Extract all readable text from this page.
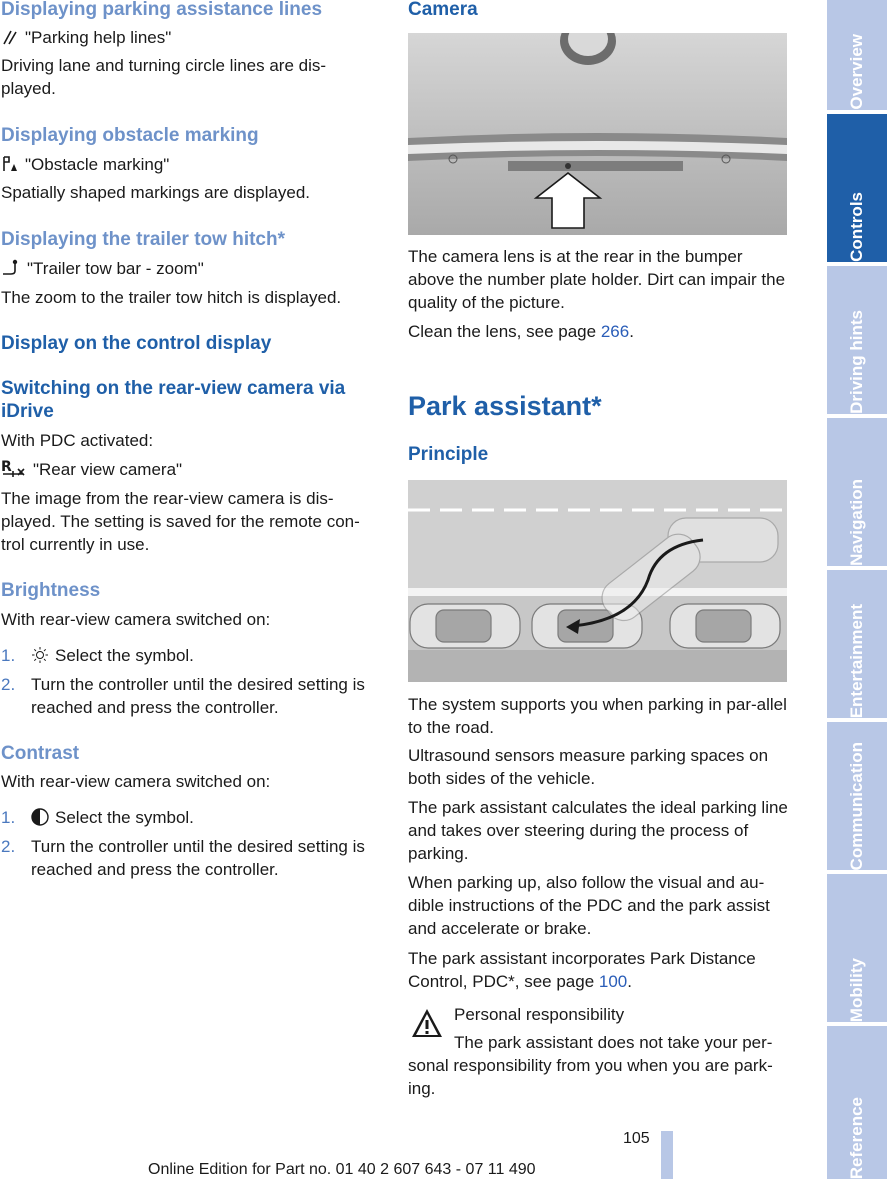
Displaying parking assistance lines

"Parking help lines"

Driving lane and turning circle lines are dis-played.

Displaying obstacle marking

"Obstacle marking"

Spatially shaped markings are displayed.

Displaying the trailer tow hitch*

"Trailer tow bar - zoom"

The zoom to the trailer tow hitch is displayed.

Display on the control display
Switching on the rear-view camera via iDrive

With PDC activated:

R "Rear view camera"

The image from the rear-view camera is dis-played. The setting is saved for the remote con-trol currently in use.

Brightness

With rear-view camera switched on:

1.	Select the symbol.
2. Turn the controller until the desired setting is reached and press the controller.
Contrast

With rear-view camera switched on:

1.	Select the symbol.
2. Turn the controller until the desired setting is reached and press the controller.
Camera

The camera lens is at the rear in the bumper above the number plate holder. Dirt can impair the quality of the picture.

Clean the lens, see page 266.

Park assistant*
Principle

The system supports you when parking in par-allel to the road.

Ultrasound sensors measure parking spaces on both sides of the vehicle.

The park assistant calculates the ideal parking line and takes over steering during the process of parking.

When parking up, also follow the visual and au-dible instructions of the PDC and the park assist and accelerate or brake.

The park assistant incorporates Park Distance Control, PDC*, see page 100.

Personal responsibility

The park assistant does not take your per-sonal responsibility from you when you are park-ing.

Overview
Controls
Driving hints
Navigation
Entertainment
Communication
Mobility
Reference
105
Online Edition for Part no. 01 40 2 607 643 - 07 11 490
